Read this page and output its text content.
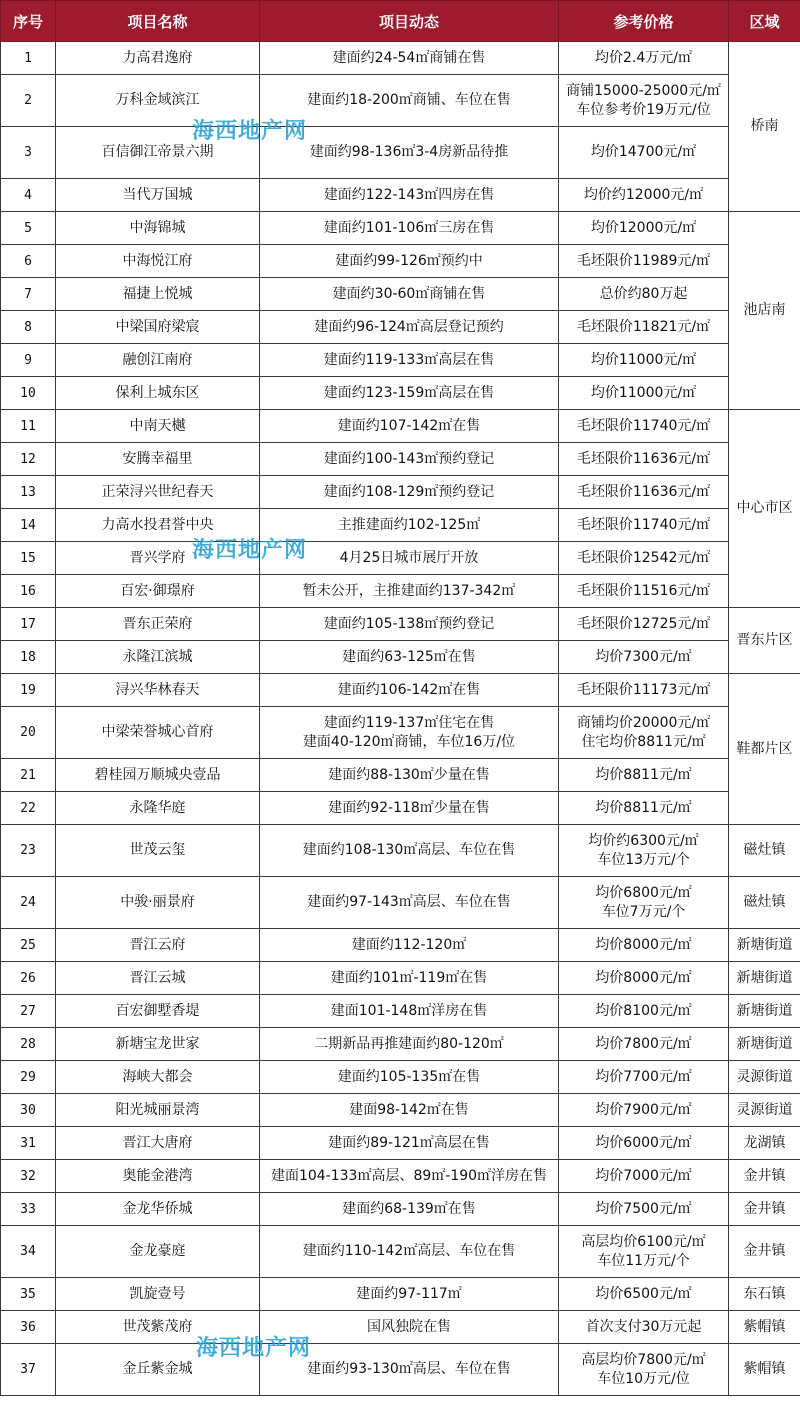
序号	项目名称	项目动态	参考价格	区域
1	力高君逸府	建面约24-54㎡商铺在售	均价2.4万元/㎡	桥南
2	万科金域滨江	建面约18-200㎡商铺、车位在售	商铺15000-25000元/㎡
车位参考价19万元/位	

3	百信御江帝景六期	建面约98-136㎡3-4房新品待推	均价14700元/㎡	

4	当代万国城	建面约122-143㎡四房在售	均价约12000元/㎡	

5	中海锦城	建面约101-106㎡三房在售	均价12000元/㎡	池店南
6	中海悦江府	建面约99-126㎡预约中	毛坯限价11989元/㎡	

7	福捷上悦城	建面约30-60㎡商铺在售	总价约80万起	

8	中梁国府梁宸	建面约96-124㎡高层登记预约	毛坯限价11821元/㎡	

9	融创江南府	建面约119-133㎡高层在售	均价11000元/㎡	

10	保利上城东区	建面约123-159㎡高层在售	均价11000元/㎡	

11	中南天樾	建面约107-142㎡在售	毛坯限价11740元/㎡	中心市区
12	安腾幸福里	建面约100-143㎡预约登记	毛坯限价11636元/㎡	

13	正荣浔兴世纪春天	建面约108-129㎡预约登记	毛坯限价11636元/㎡	

14	力高水投君誉中央	主推建面约102-125㎡	毛坯限价11740元/㎡	

15	晋兴学府	4月25日城市展厅开放	毛坯限价12542元/㎡	

16	百宏·御璟府	暂未公开，主推建面约137-342㎡	毛坯限价11516元/㎡	

17	晋东正荣府	建面约105-138㎡预约登记	毛坯限价12725元/㎡	晋东片区
18	永隆江滨城	建面约63-125㎡在售	均价7300元/㎡	

19	浔兴华林春天	建面约106-142㎡在售	毛坯限价11173元/㎡	鞋都片区
20	中梁荣誉城心首府	建面约119-137㎡住宅在售
建面40-120㎡商铺，车位16万/位	商铺均价20000元/㎡
住宅均价8811元/㎡	

21	碧桂园万顺城央壹品	建面约88-130㎡少量在售	均价8811元/㎡	

22	永隆华庭	建面约92-118㎡少量在售	均价8811元/㎡	

23	世茂云玺	建面约108-130㎡高层、车位在售	均价约6300元/㎡
车位13万元/个	磁灶镇
24	中骏·丽景府	建面约97-143㎡高层、车位在售	均价6800元/㎡
车位7万元/个	磁灶镇
25	晋江云府	建面约112-120㎡	均价8000元/㎡	新塘街道
26	晋江云城	建面约101㎡-119㎡在售	均价8000元/㎡	新塘街道
27	百宏御墅香堤	建面101-148㎡洋房在售	均价8100元/㎡	新塘街道
28	新塘宝龙世家	二期新品再推建面约80-120㎡	均价7800元/㎡	新塘街道
29	海峡大都会	建面约105-135㎡在售	均价7700元/㎡	灵源街道
30	阳光城丽景湾	建面98-142㎡在售	均价7900元/㎡	灵源街道
31	晋江大唐府	建面约89-121㎡高层在售	均价6000元/㎡	龙湖镇
32	奥能金港湾	建面104-133㎡高层、89㎡-190㎡洋房在售	均价7000元/㎡	金井镇
33	金龙华侨城	建面约68-139㎡在售	均价7500元/㎡	金井镇
34	金龙豪庭	建面约110-142㎡高层、车位在售	高层均价6100元/㎡
车位11万元/个	金井镇
35	凯旋壹号	建面约97-117㎡	均价6500元/㎡	东石镇
36	世茂紫茂府	国风独院在售	首次支付30万元起	紫帽镇
37	金丘紫金城	建面约93-130㎡高层、车位在售	高层均价7800元/㎡
车位10万元/位	紫帽镇
海西地产网
海西地产网
海西地产网
